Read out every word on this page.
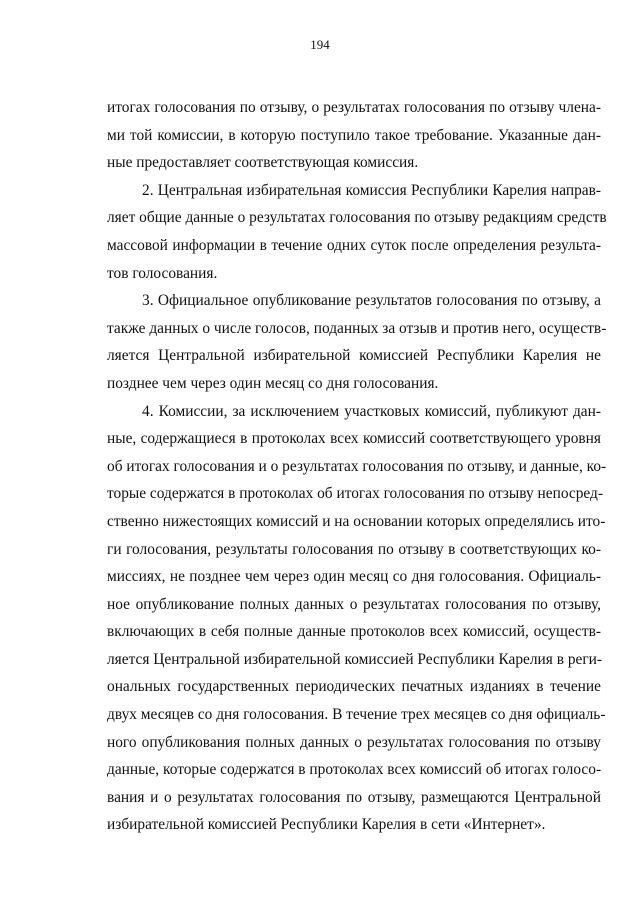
194
итогах голосования по отзыву, о результатах голосования по отзыву члена-
ми той комиссии, в которую поступило такое требование. Указанные дан-
ные предоставляет соответствующая комиссия.
2. Центральная избирательная комиссия Республики Карелия направ-
ляет общие данные о результатах голосования по отзыву редакциям средств
массовой информации в течение одних суток после определения результа-
тов голосования.
3. Официальное опубликование результатов голосования по отзыву, а
также данных о числе голосов, поданных за отзыв и против него, осуществ-
ляется Центральной избирательной комиссией Республики Карелия не
позднее чем через один месяц со дня голосования.
4. Комиссии, за исключением участковых комиссий, публикуют дан-
ные, содержащиеся в протоколах всех комиссий соответствующего уровня
об итогах голосования и о результатах голосования по отзыву, и данные, ко-
торые содержатся в протоколах об итогах голосования по отзыву непосред-
ственно нижестоящих комиссий и на основании которых определялись ито-
ги голосования, результаты голосования по отзыву в соответствующих ко-
миссиях, не позднее чем через один месяц со дня голосования. Официаль-
ное опубликование полных данных о результатах голосования по отзыву,
включающих в себя полные данные протоколов всех комиссий, осуществ-
ляется Центральной избирательной комиссией Республики Карелия в реги-
ональных государственных периодических печатных изданиях в течение
двух месяцев со дня голосования. В течение трех месяцев со дня официаль-
ного опубликования полных данных о результатах голосования по отзыву
данные, которые содержатся в протоколах всех комиссий об итогах голосо-
вания и о результатах голосования по отзыву, размещаются Центральной
избирательной комиссией Республики Карелия в сети «Интернет».
